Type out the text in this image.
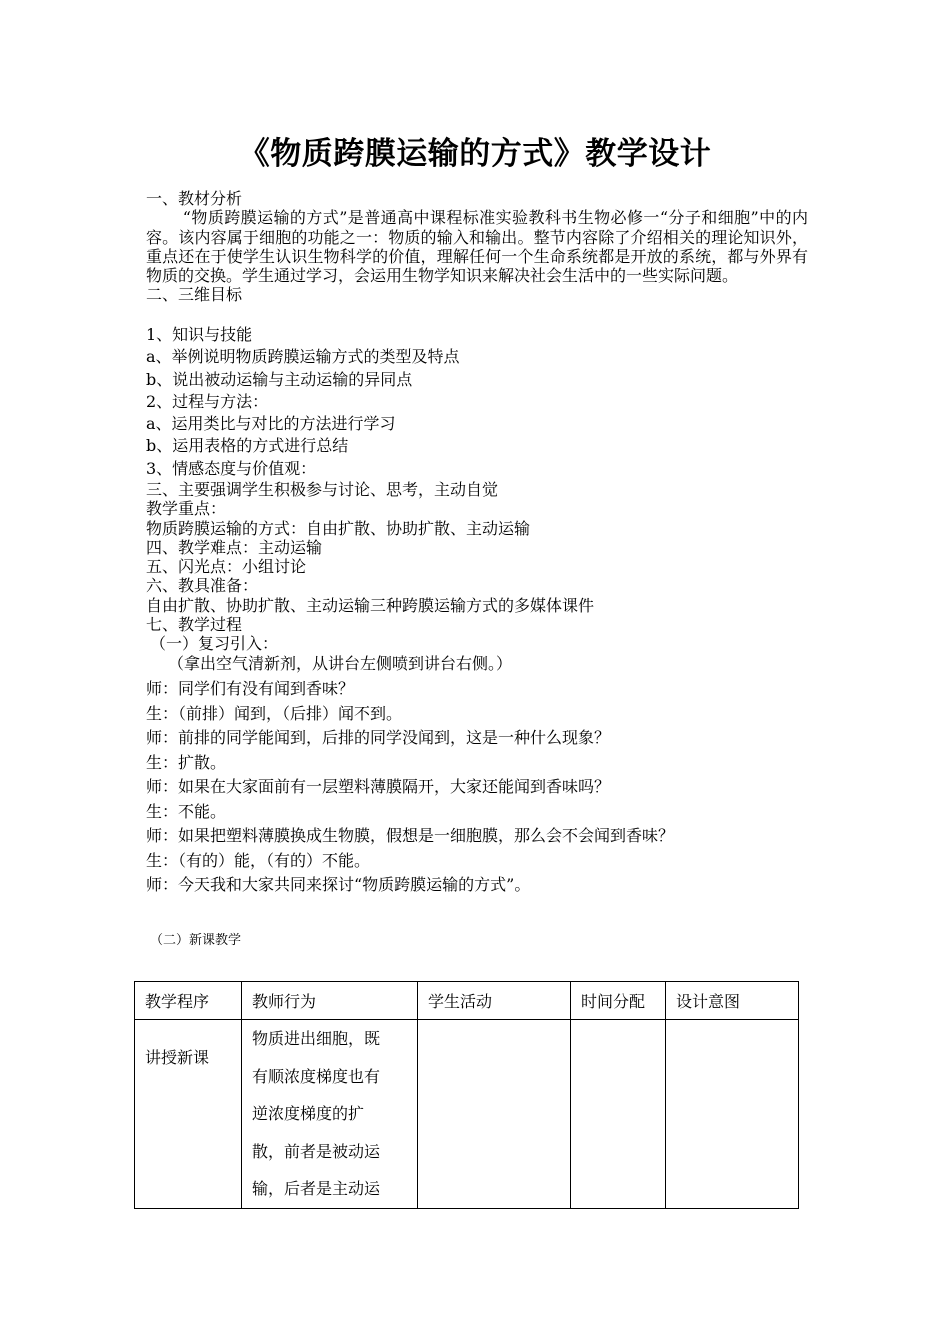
《物质跨膜运输的方式》教学设计

一、教材分析

“物质跨膜运输的方式”是普通高中课程标准实验教科书生物必修一“分子和细胞”中的内容。该内容属于细胞的功能之一：物质的输入和输出。整节内容除了介绍相关的理论知识外，重点还在于使学生认识生物科学的价值，理解任何一个生命系统都是开放的系统，都与外界有物质的交换。学生通过学习，会运用生物学知识来解决社会生活中的一些实际问题。

二、三维目标

1、知识与技能

a、举例说明物质跨膜运输方式的类型及特点

b、说出被动运输与主动运输的异同点

2、过程与方法：

a、运用类比与对比的方法进行学习

b、运用表格的方式进行总结

3、情感态度与价值观：

三、主要强调学生积极参与讨论、思考，主动自觉

教学重点：

物质跨膜运输的方式：自由扩散、协助扩散、主动运输

四、教学难点：主动运输

五、闪光点：小组讨论

六、教具准备：

自由扩散、协助扩散、主动运输三种跨膜运输方式的多媒体课件

七、教学过程

（一）复习引入：

（拿出空气清新剂，从讲台左侧喷到讲台右侧。）

师：同学们有没有闻到香味？

生：（前排）闻到，（后排）闻不到。

师：前排的同学能闻到，后排的同学没闻到，这是一种什么现象？

生：扩散。

师：如果在大家面前有一层塑料薄膜隔开，大家还能闻到香味吗？

生：不能。

师：如果把塑料薄膜换成生物膜，假想是一细胞膜，那么会不会闻到香味？

生：（有的）能，（有的）不能。

师：今天我和大家共同来探讨“物质跨膜运输的方式”。

（二）新课教学

教学程序	教师行为	学生活动	时间分配	设计意图
讲授新课	物质进出细胞，既
有顺浓度梯度也有
逆浓度梯度的扩
散，前者是被动运
输，后者是主动运			
